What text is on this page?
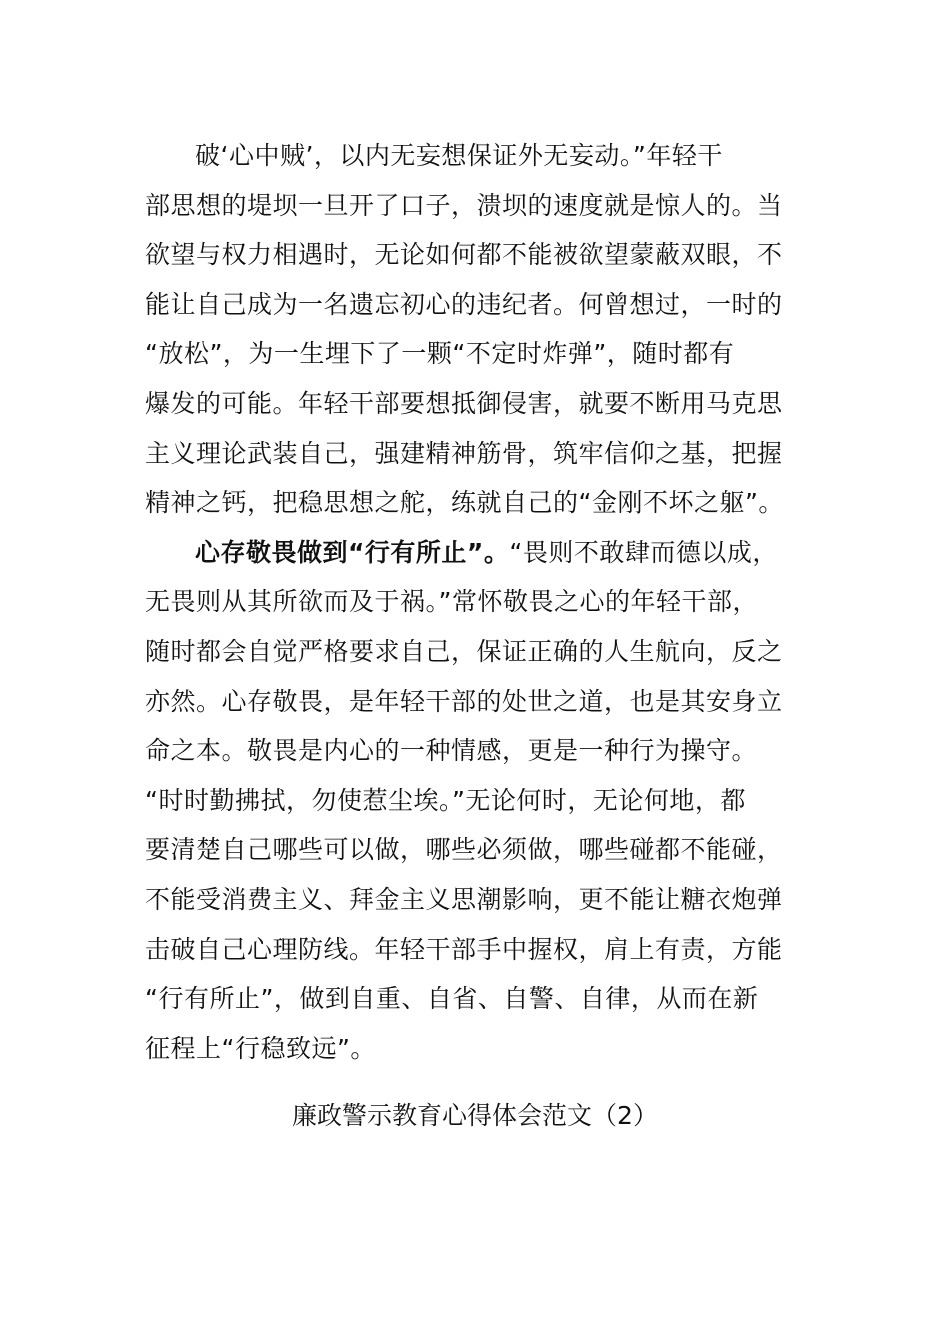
破‘心中贼’，以内无妄想保证外无妄动。”年轻干
部思想的堤坝一旦开了口子，溃坝的速度就是惊人的。当
欲望与权力相遇时，无论如何都不能被欲望蒙蔽双眼，不
能让自己成为一名遗忘初心的违纪者。何曾想过，一时的
“放松”，为一生埋下了一颗“不定时炸弹”，随时都有
爆发的可能。年轻干部要想抵御侵害，就要不断用马克思
主义理论武装自己，强建精神筋骨，筑牢信仰之基，把握
精神之钙，把稳思想之舵，练就自己的“金刚不坏之躯”。
心存敬畏做到“行有所止”。“畏则不敢肆而德以成，
无畏则从其所欲而及于祸。”常怀敬畏之心的年轻干部，
随时都会自觉严格要求自己，保证正确的人生航向，反之
亦然。心存敬畏，是年轻干部的处世之道，也是其安身立
命之本。敬畏是内心的一种情感，更是一种行为操守。
“时时勤拂拭，勿使惹尘埃。”无论何时，无论何地，都
要清楚自己哪些可以做，哪些必须做，哪些碰都不能碰，
不能受消费主义、拜金主义思潮影响，更不能让糖衣炮弹
击破自己心理防线。年轻干部手中握权，肩上有责，方能
“行有所止”，做到自重、自省、自警、自律，从而在新
征程上“行稳致远”。
廉政警示教育心得体会范文（2）
